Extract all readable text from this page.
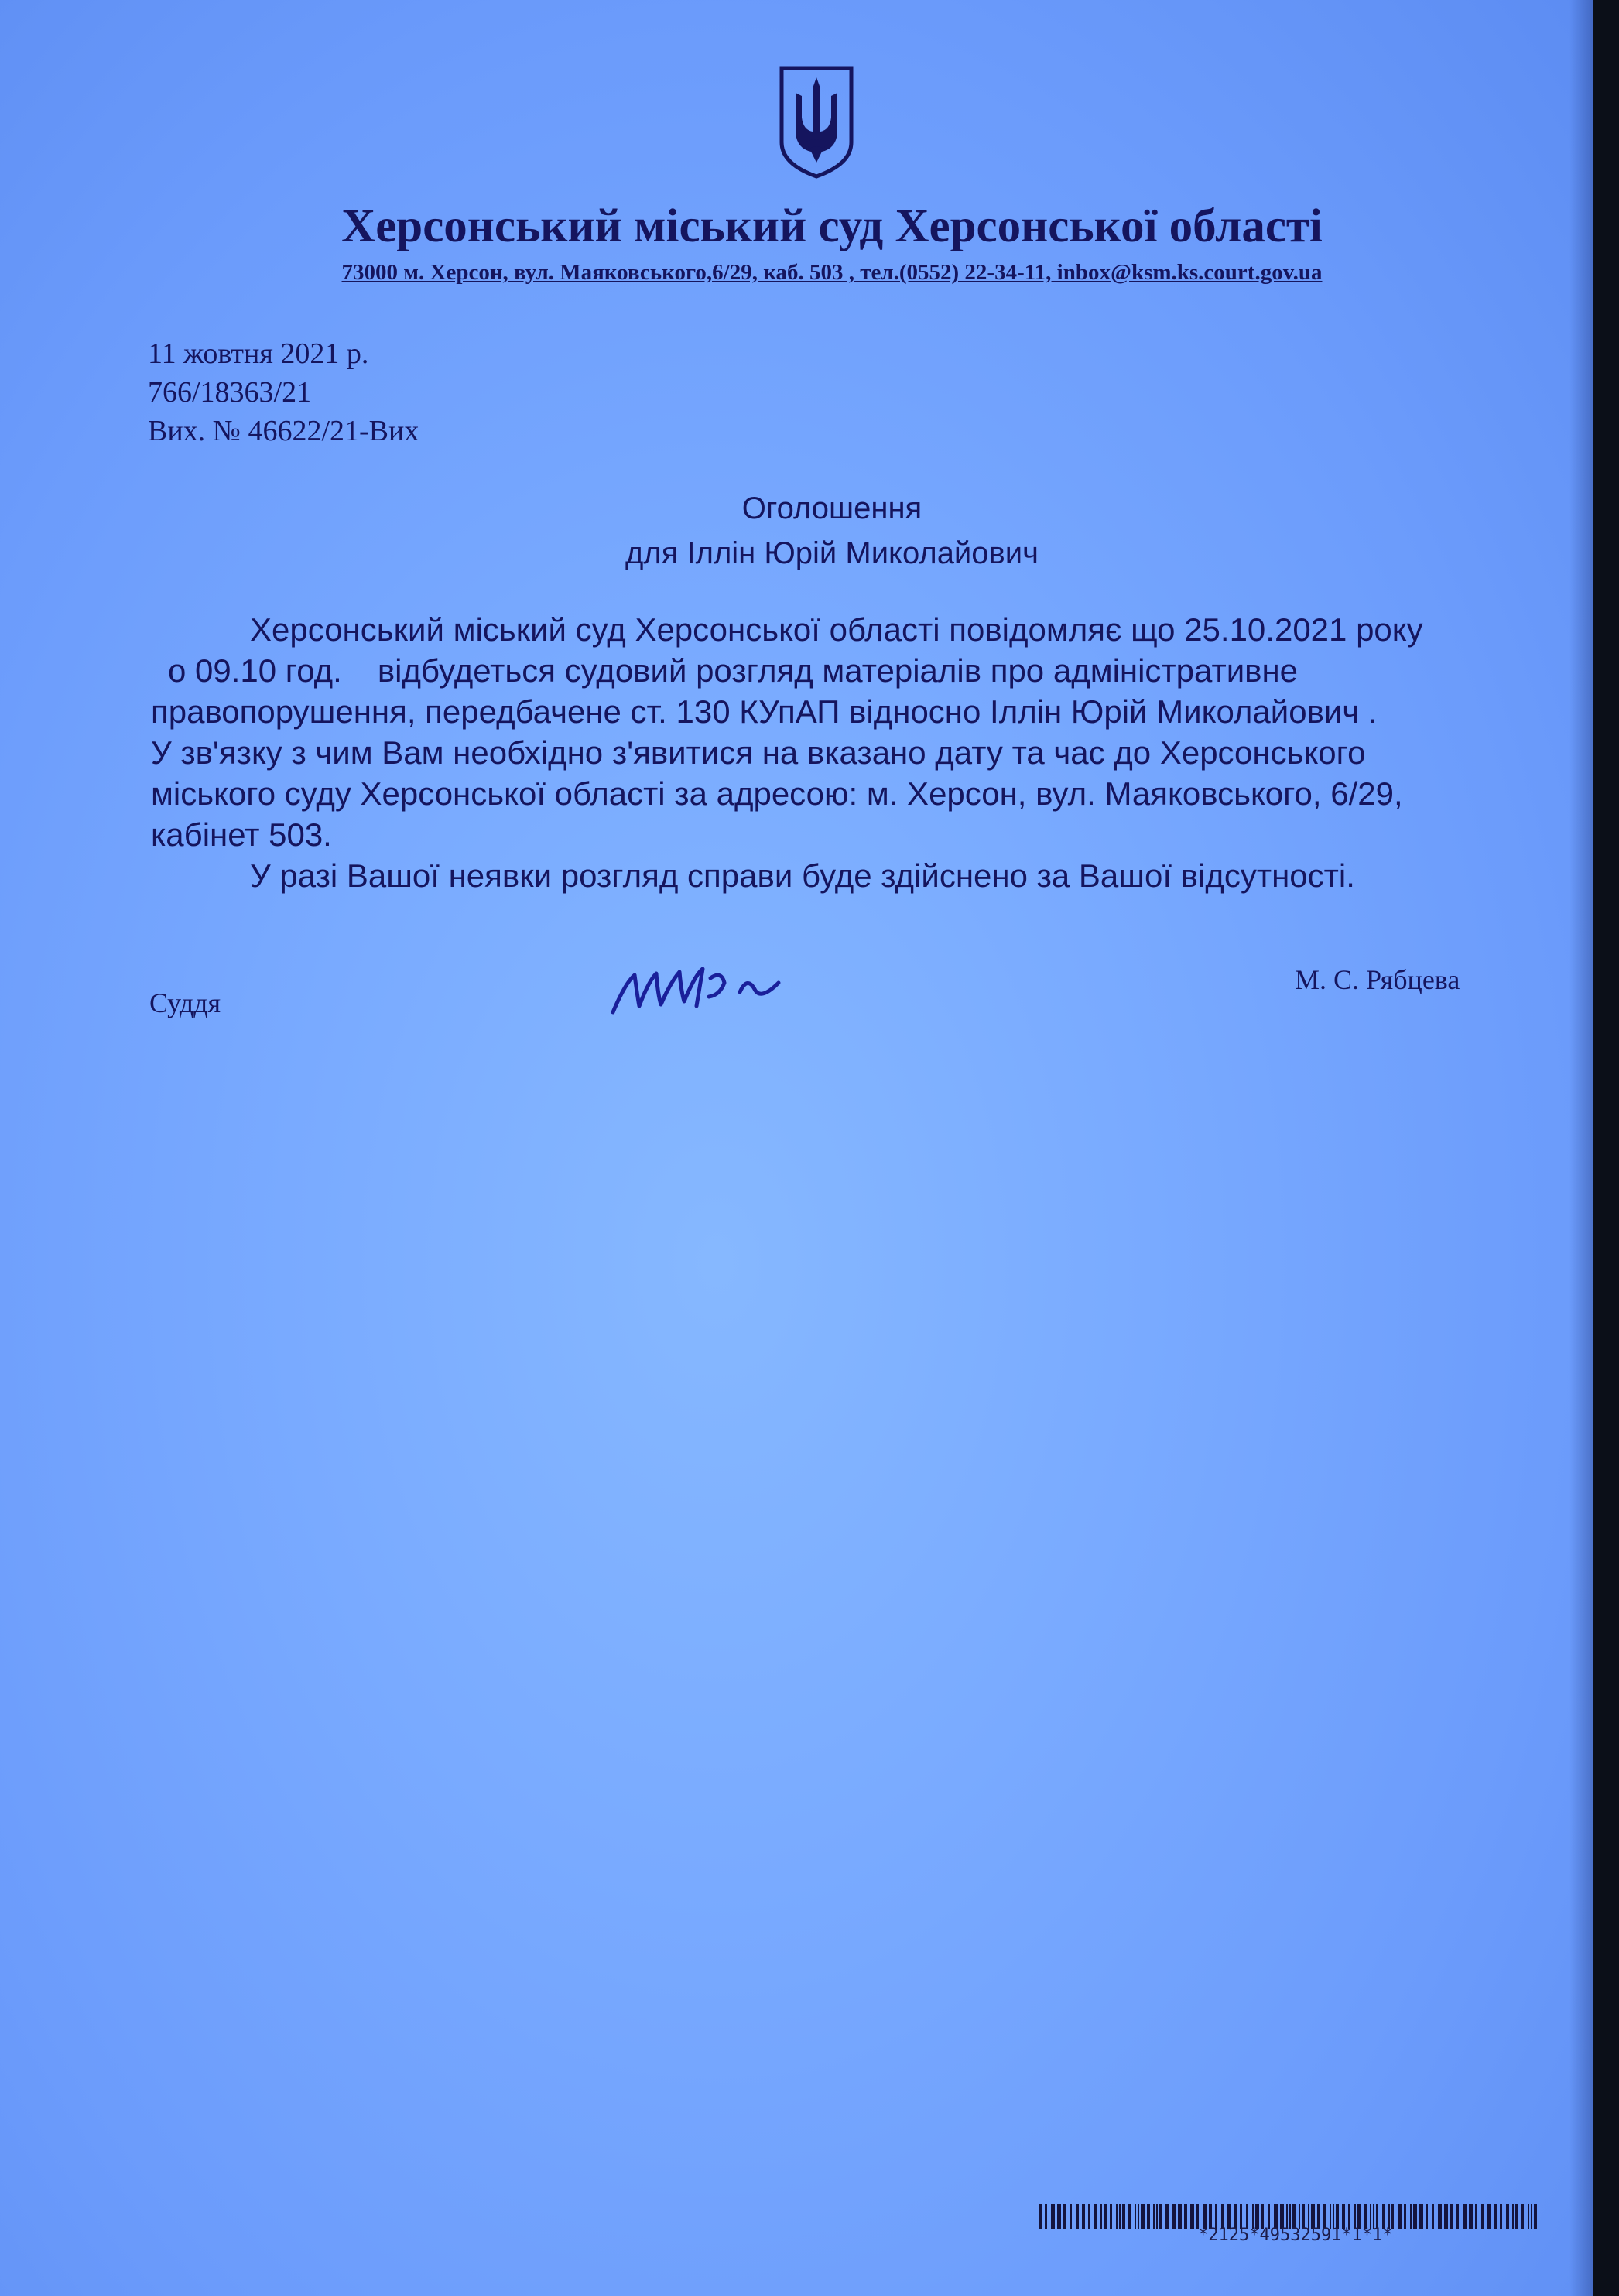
Херсонський міський суд Херсонської області
73000 м. Херсон, вул. Маяковського,6/29, каб. 503 , тел.(0552) 22-34-11, inbox@ksm.ks.court.gov.ua
11 жовтня 2021 р.
766/18363/21
Вих. № 46622/21-Вих
Оголошення
для Іллін Юрій Миколайович
Херсонський міський суд Херсонської області повідомляє що 25.10.2021 року
о 09.10 год. відбудеться судовий розгляд матеріалів про адміністративне
правопорушення, передбачене ст. 130 КУпАП відносно Іллін Юрій Миколайович .
У зв'язку з чим Вам необхідно з'явитися на вказано дату та час до Херсонського
міського суду Херсонської області за адресою: м. Херсон, вул. Маяковського, 6/29,
кабінет 503.
У разі Вашої неявки розгляд справи буде здійснено за Вашої відсутності.
Суддя
М. С. Рябцева
*2125*49532591*1*1*
